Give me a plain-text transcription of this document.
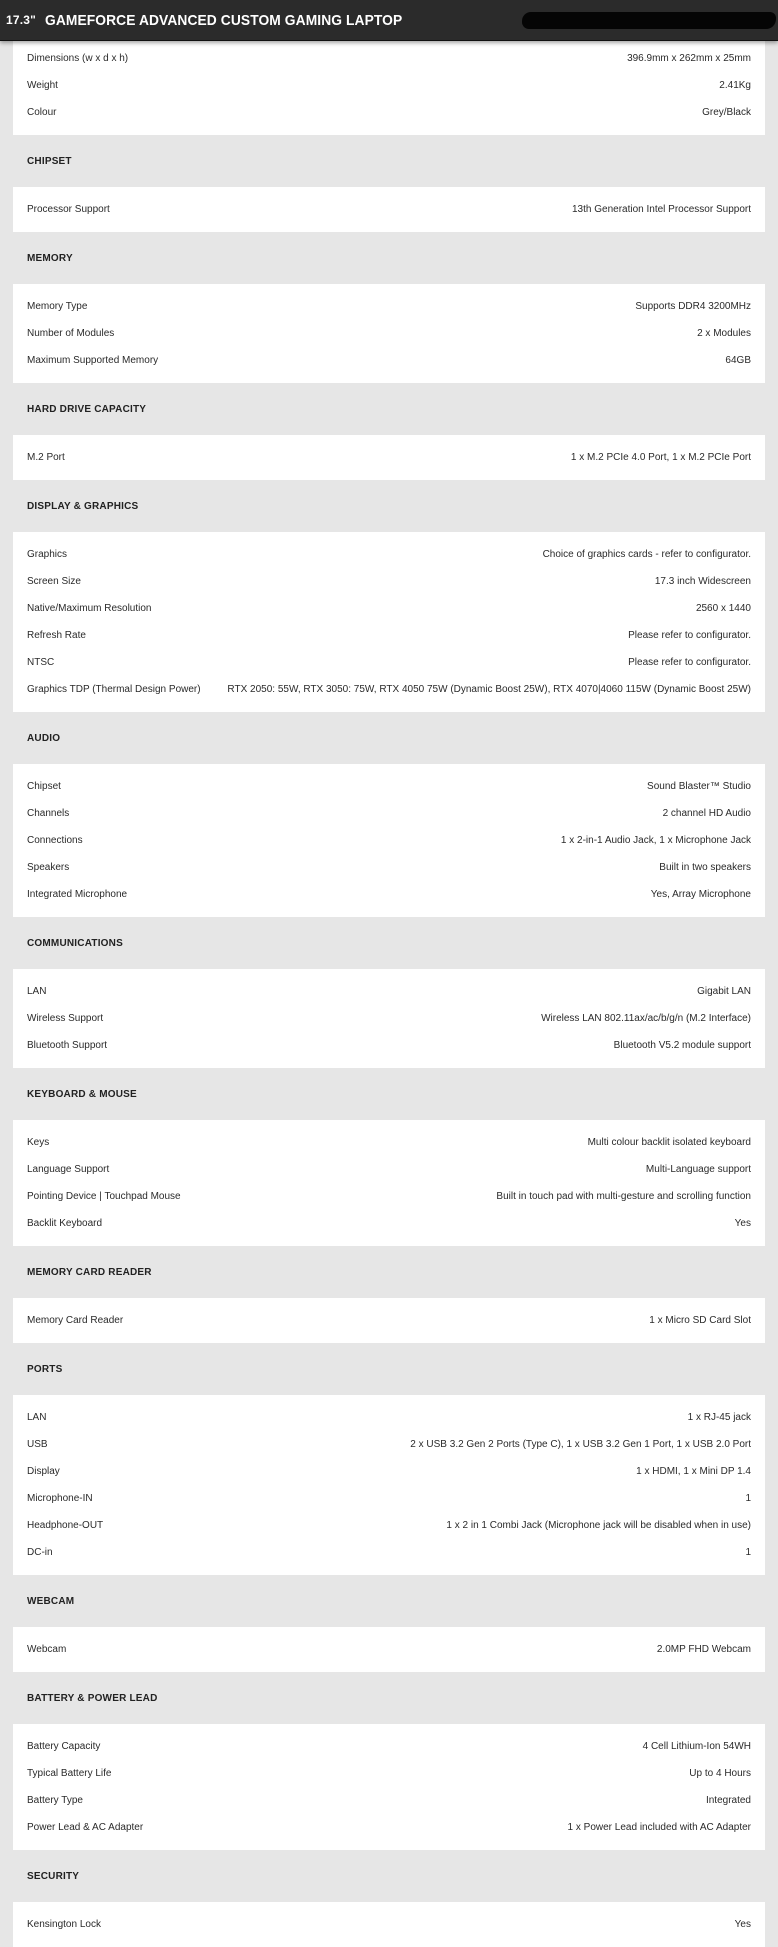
17.3" GAMEFORCE ADVANCED CUSTOM GAMING LAPTOP
Dimensions (w x d x h)	396.9mm x 262mm x 25mm
Weight	2.41Kg
Colour	Grey/Black
CHIPSET
Processor Support	13th Generation Intel Processor Support
MEMORY
Memory Type	Supports DDR4 3200MHz
Number of Modules	2 x Modules
Maximum Supported Memory	64GB
HARD DRIVE CAPACITY
M.2 Port	1 x M.2 PCIe 4.0 Port, 1 x M.2 PCIe Port
DISPLAY & GRAPHICS
Graphics	Choice of graphics cards - refer to configurator.
Screen Size	17.3 inch Widescreen
Native/Maximum Resolution	2560 x 1440
Refresh Rate	Please refer to configurator.
NTSC	Please refer to configurator.
Graphics TDP (Thermal Design Power)	RTX 2050: 55W, RTX 3050: 75W, RTX 4050 75W (Dynamic Boost 25W), RTX 4070|4060 115W (Dynamic Boost 25W)
AUDIO
Chipset	Sound Blaster™ Studio
Channels	2 channel HD Audio
Connections	1 x 2-in-1 Audio Jack, 1 x Microphone Jack
Speakers	Built in two speakers
Integrated Microphone	Yes, Array Microphone
COMMUNICATIONS
LAN	Gigabit LAN
Wireless Support	Wireless LAN 802.11ax/ac/b/g/n (M.2 Interface)
Bluetooth Support	Bluetooth V5.2 module support
KEYBOARD & MOUSE
Keys	Multi colour backlit isolated keyboard
Language Support	Multi-Language support
Pointing Device | Touchpad Mouse	Built in touch pad with multi-gesture and scrolling function
Backlit Keyboard	Yes
MEMORY CARD READER
Memory Card Reader	1 x Micro SD Card Slot
PORTS
LAN	1 x RJ-45 jack
USB	2 x USB 3.2 Gen 2 Ports (Type C), 1 x USB 3.2 Gen 1 Port, 1 x USB 2.0 Port
Display	1 x HDMI, 1 x Mini DP 1.4
Microphone-IN	1
Headphone-OUT	1 x 2 in 1 Combi Jack (Microphone jack will be disabled when in use)
DC-in	1
WEBCAM
Webcam	2.0MP FHD Webcam
BATTERY & POWER LEAD
Battery Capacity	4 Cell Lithium-Ion 54WH
Typical Battery Life	Up to 4 Hours
Battery Type	Integrated
Power Lead & AC Adapter	1 x Power Lead included with AC Adapter
SECURITY
Kensington Lock	Yes
